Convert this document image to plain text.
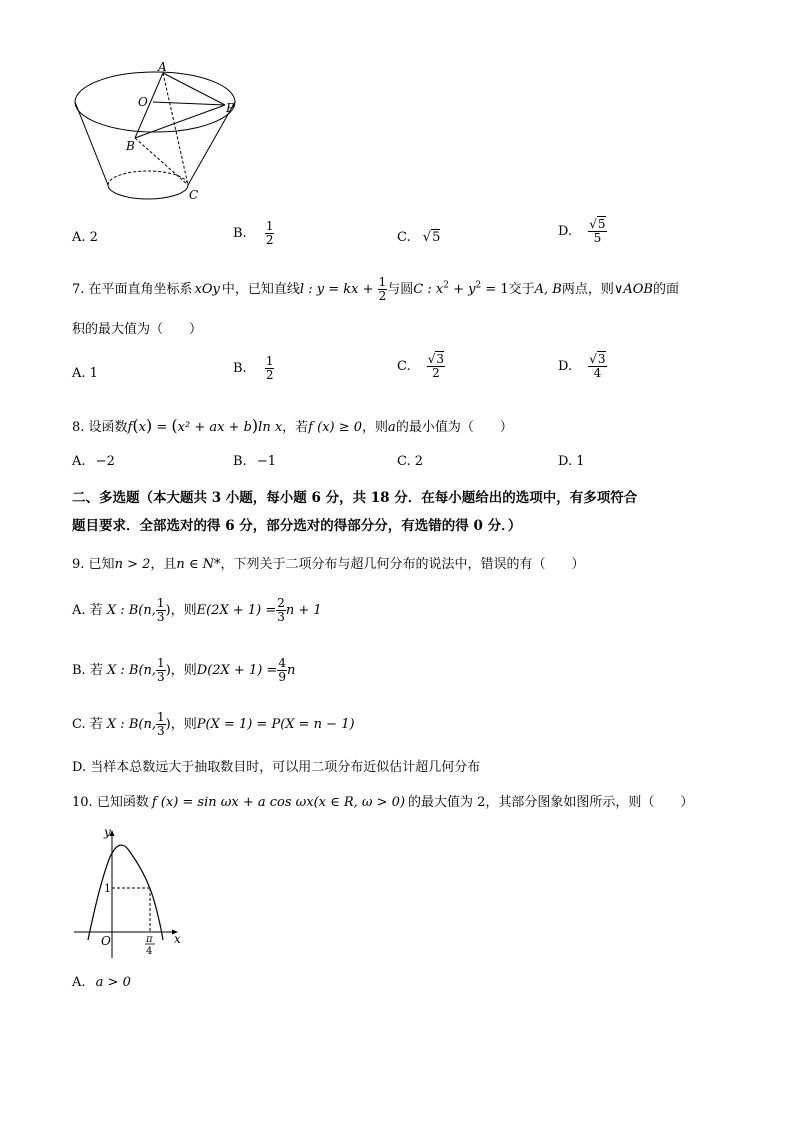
A
O	P
B
C
A. 2	B. $\frac{1}{2}$	C. √5	D. $\frac{√5}{5}$
7. 在平面直角坐标系 xOy 中，已知直线l : y = kx + $\frac{1}{2}$ 与圆C : $x^2 + y^2 = 1$交于A, B两点，则∨AOB的面
积的最大值为（　　）
A. 1	B. $\frac{1}{2}$	C. $\frac{√3}{2}$	D. $\frac{√3}{4}$
8. 设函数f(x) = (x² + ax + b)ln x，若f (x) ≥ 0，则a的最小值为（　　）
A. −2	B. −1	C. 2	D. 1
二、多选题（本大题共 3 小题，每小题 6 分，共 18 分．在每小题给出的选项中，有多项符合
题目要求．全部选对的得 6 分，部分选对的得部分分，有选错的得 0 分．）
9. 已知n > 2，且n ∈ N*，下列关于二项分布与超几何分布的说法中，错误的有（　　）
A. 若 X : B(n, $\frac{1}{3}$ )，则$E(2X + 1) = \frac{2}{3}$ n + 1
B. 若 X : B(n, $\frac{1}{3}$ )，则$D(2X + 1) = \frac{4}{9}$ n
C. 若 X : B(n, $\frac{1}{3}$ )，则P(X = 1) = P(X = n − 1)
D. 当样本总数远大于抽取数目时，可以用二项分布近似估计超几何分布
10. 已知函数 f (x) = sin ωx + a cos ωx(x ∈ R, ω > 0) 的最大值为 2，其部分图象如图所示，则（　　）
y
x
O
1
π
4
A. a > 0
